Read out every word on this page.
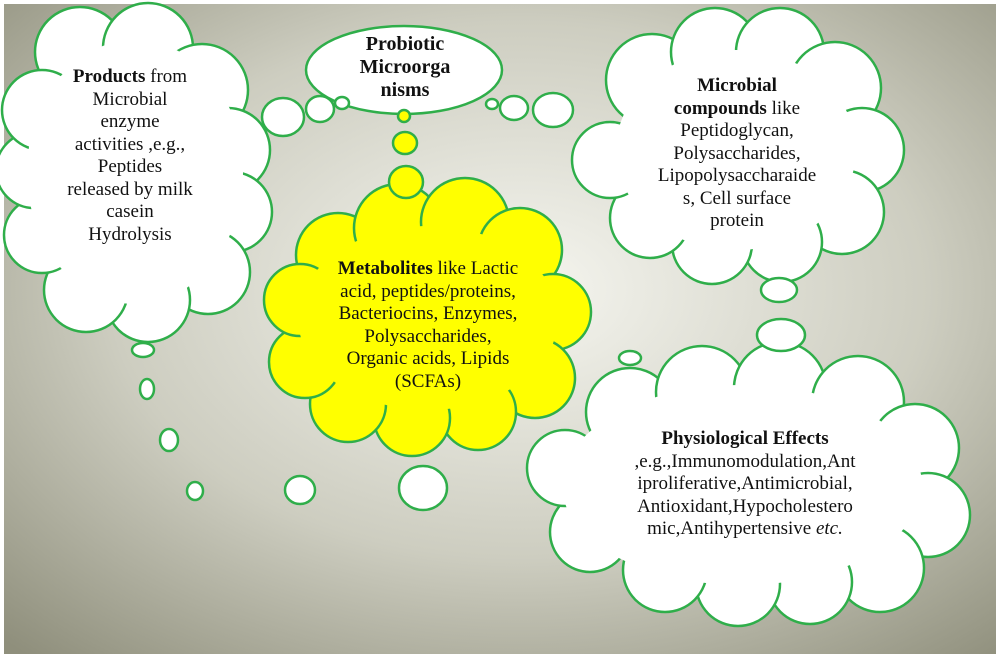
Probiotic
Microorga
nisms
Products from
Microbial
enzyme
activities ,e.g.,
Peptides
released by milk
casein
Hydrolysis
Microbial
compounds like
Peptidoglycan,
Polysaccharides,
Lipopolysaccharaide
s, Cell surface
protein
Metabolites like Lactic
acid, peptides/proteins,
Bacteriocins, Enzymes,
Polysaccharides,
Organic acids, Lipids
(SCFAs)
Physiological Effects
,e.g.,Immunomodulation,Ant
iproliferative,Antimicrobial,
Antioxidant,Hypocholestero
mic,Antihypertensive etc.
